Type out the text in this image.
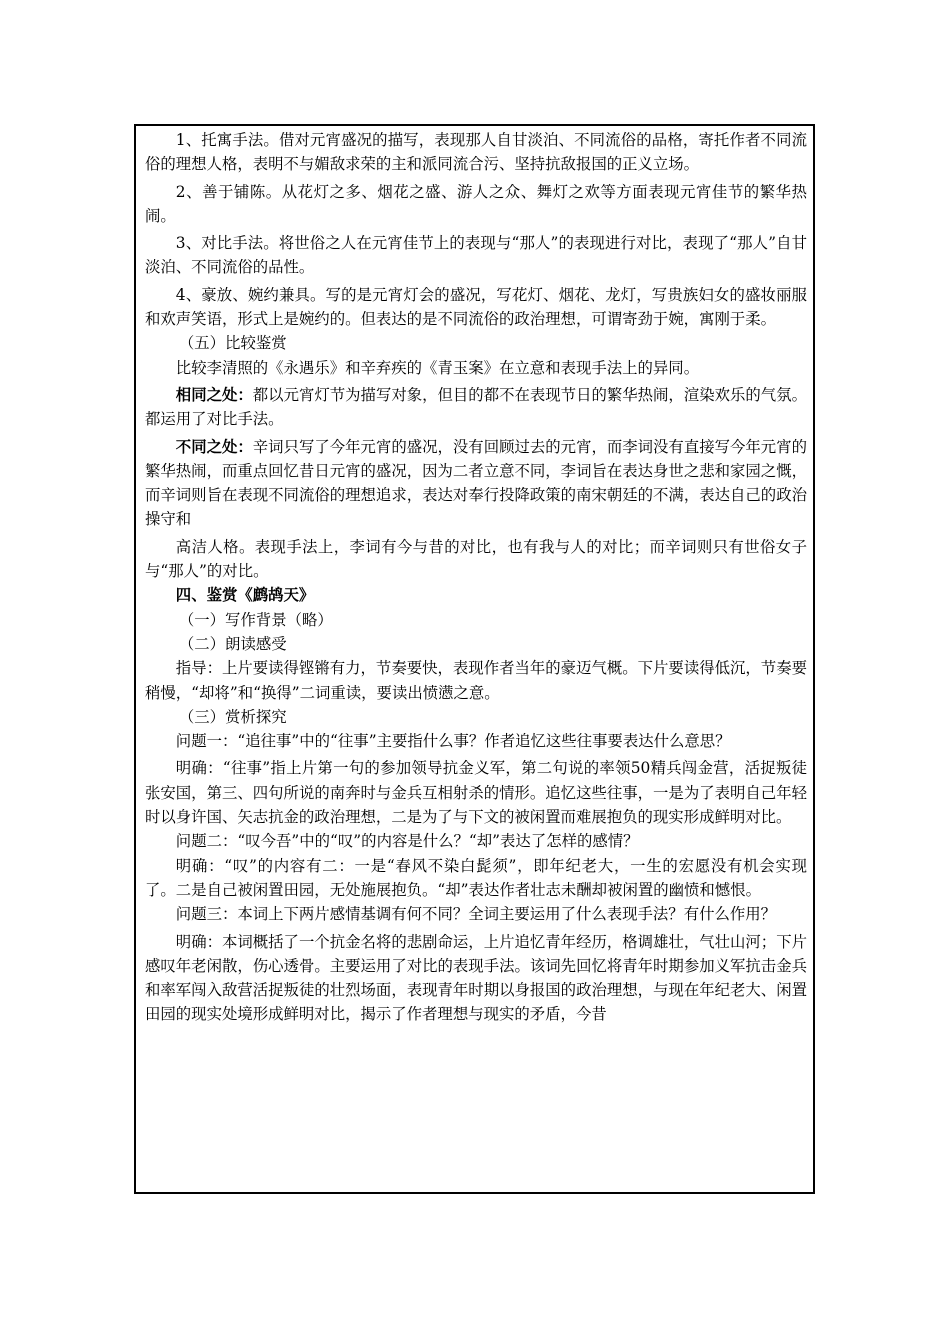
1、托寓手法。借对元宵盛况的描写，表现那人自甘淡泊、不同流俗的品格，寄托作者不同流俗的理想人格，表明不与媚敌求荣的主和派同流合污、坚持抗敌报国的正义立场。

2、善于铺陈。从花灯之多、烟花之盛、游人之众、舞灯之欢等方面表现元宵佳节的繁华热闹。

3、对比手法。将世俗之人在元宵佳节上的表现与“那人”的表现进行对比，表现了“那人”自甘淡泊、不同流俗的品性。

4、豪放、婉约兼具。写的是元宵灯会的盛况，写花灯、烟花、龙灯，写贵族妇女的盛妆丽服和欢声笑语，形式上是婉约的。但表达的是不同流俗的政治理想，可谓寄劲于婉，寓刚于柔。

（五）比较鉴赏

比较李清照的《永遇乐》和辛弃疾的《青玉案》在立意和表现手法上的异同。

相同之处：都以元宵灯节为描写对象，但目的都不在表现节日的繁华热闹，渲染欢乐的气氛。都运用了对比手法。

不同之处：辛词只写了今年元宵的盛况，没有回顾过去的元宵，而李词没有直接写今年元宵的繁华热闹，而重点回忆昔日元宵的盛况，因为二者立意不同，李词旨在表达身世之悲和家园之慨，而辛词则旨在表现不同流俗的理想追求，表达对奉行投降政策的南宋朝廷的不满，表达自己的政治操守和

高洁人格。表现手法上，李词有今与昔的对比，也有我与人的对比；而辛词则只有世俗女子与“那人”的对比。

四、鉴赏《鹧鸪天》

（一）写作背景（略）

（二）朗读感受

指导：上片要读得铿锵有力，节奏要快，表现作者当年的豪迈气概。下片要读得低沉，节奏要稍慢，“却将”和“换得”二词重读，要读出愤懑之意。

（三）赏析探究

问题一：“追往事”中的“往事”主要指什么事？作者追忆这些往事要表达什么意思？

明确：“往事”指上片第一句的参加领导抗金义军，第二句说的率领50精兵闯金营，活捉叛徒张安国，第三、四句所说的南奔时与金兵互相射杀的情形。追忆这些往事，一是为了表明自己年轻时以身许国、矢志抗金的政治理想，二是为了与下文的被闲置而难展抱负的现实形成鲜明对比。

问题二：“叹今吾”中的“叹”的内容是什么？“却”表达了怎样的感情？

明确：“叹”的内容有二：一是“春风不染白髭须”，即年纪老大，一生的宏愿没有机会实现了。二是自己被闲置田园，无处施展抱负。“却”表达作者壮志未酬却被闲置的幽愤和憾恨。

问题三：本词上下两片感情基调有何不同？全词主要运用了什么表现手法？有什么作用？

明确：本词概括了一个抗金名将的悲剧命运，上片追忆青年经历，格调雄壮，气壮山河；下片感叹年老闲散，伤心透骨。主要运用了对比的表现手法。该词先回忆将青年时期参加义军抗击金兵和率军闯入敌营活捉叛徒的壮烈场面，表现青年时期以身报国的政治理想，与现在年纪老大、闲置田园的现实处境形成鲜明对比，揭示了作者理想与现实的矛盾，今昔
